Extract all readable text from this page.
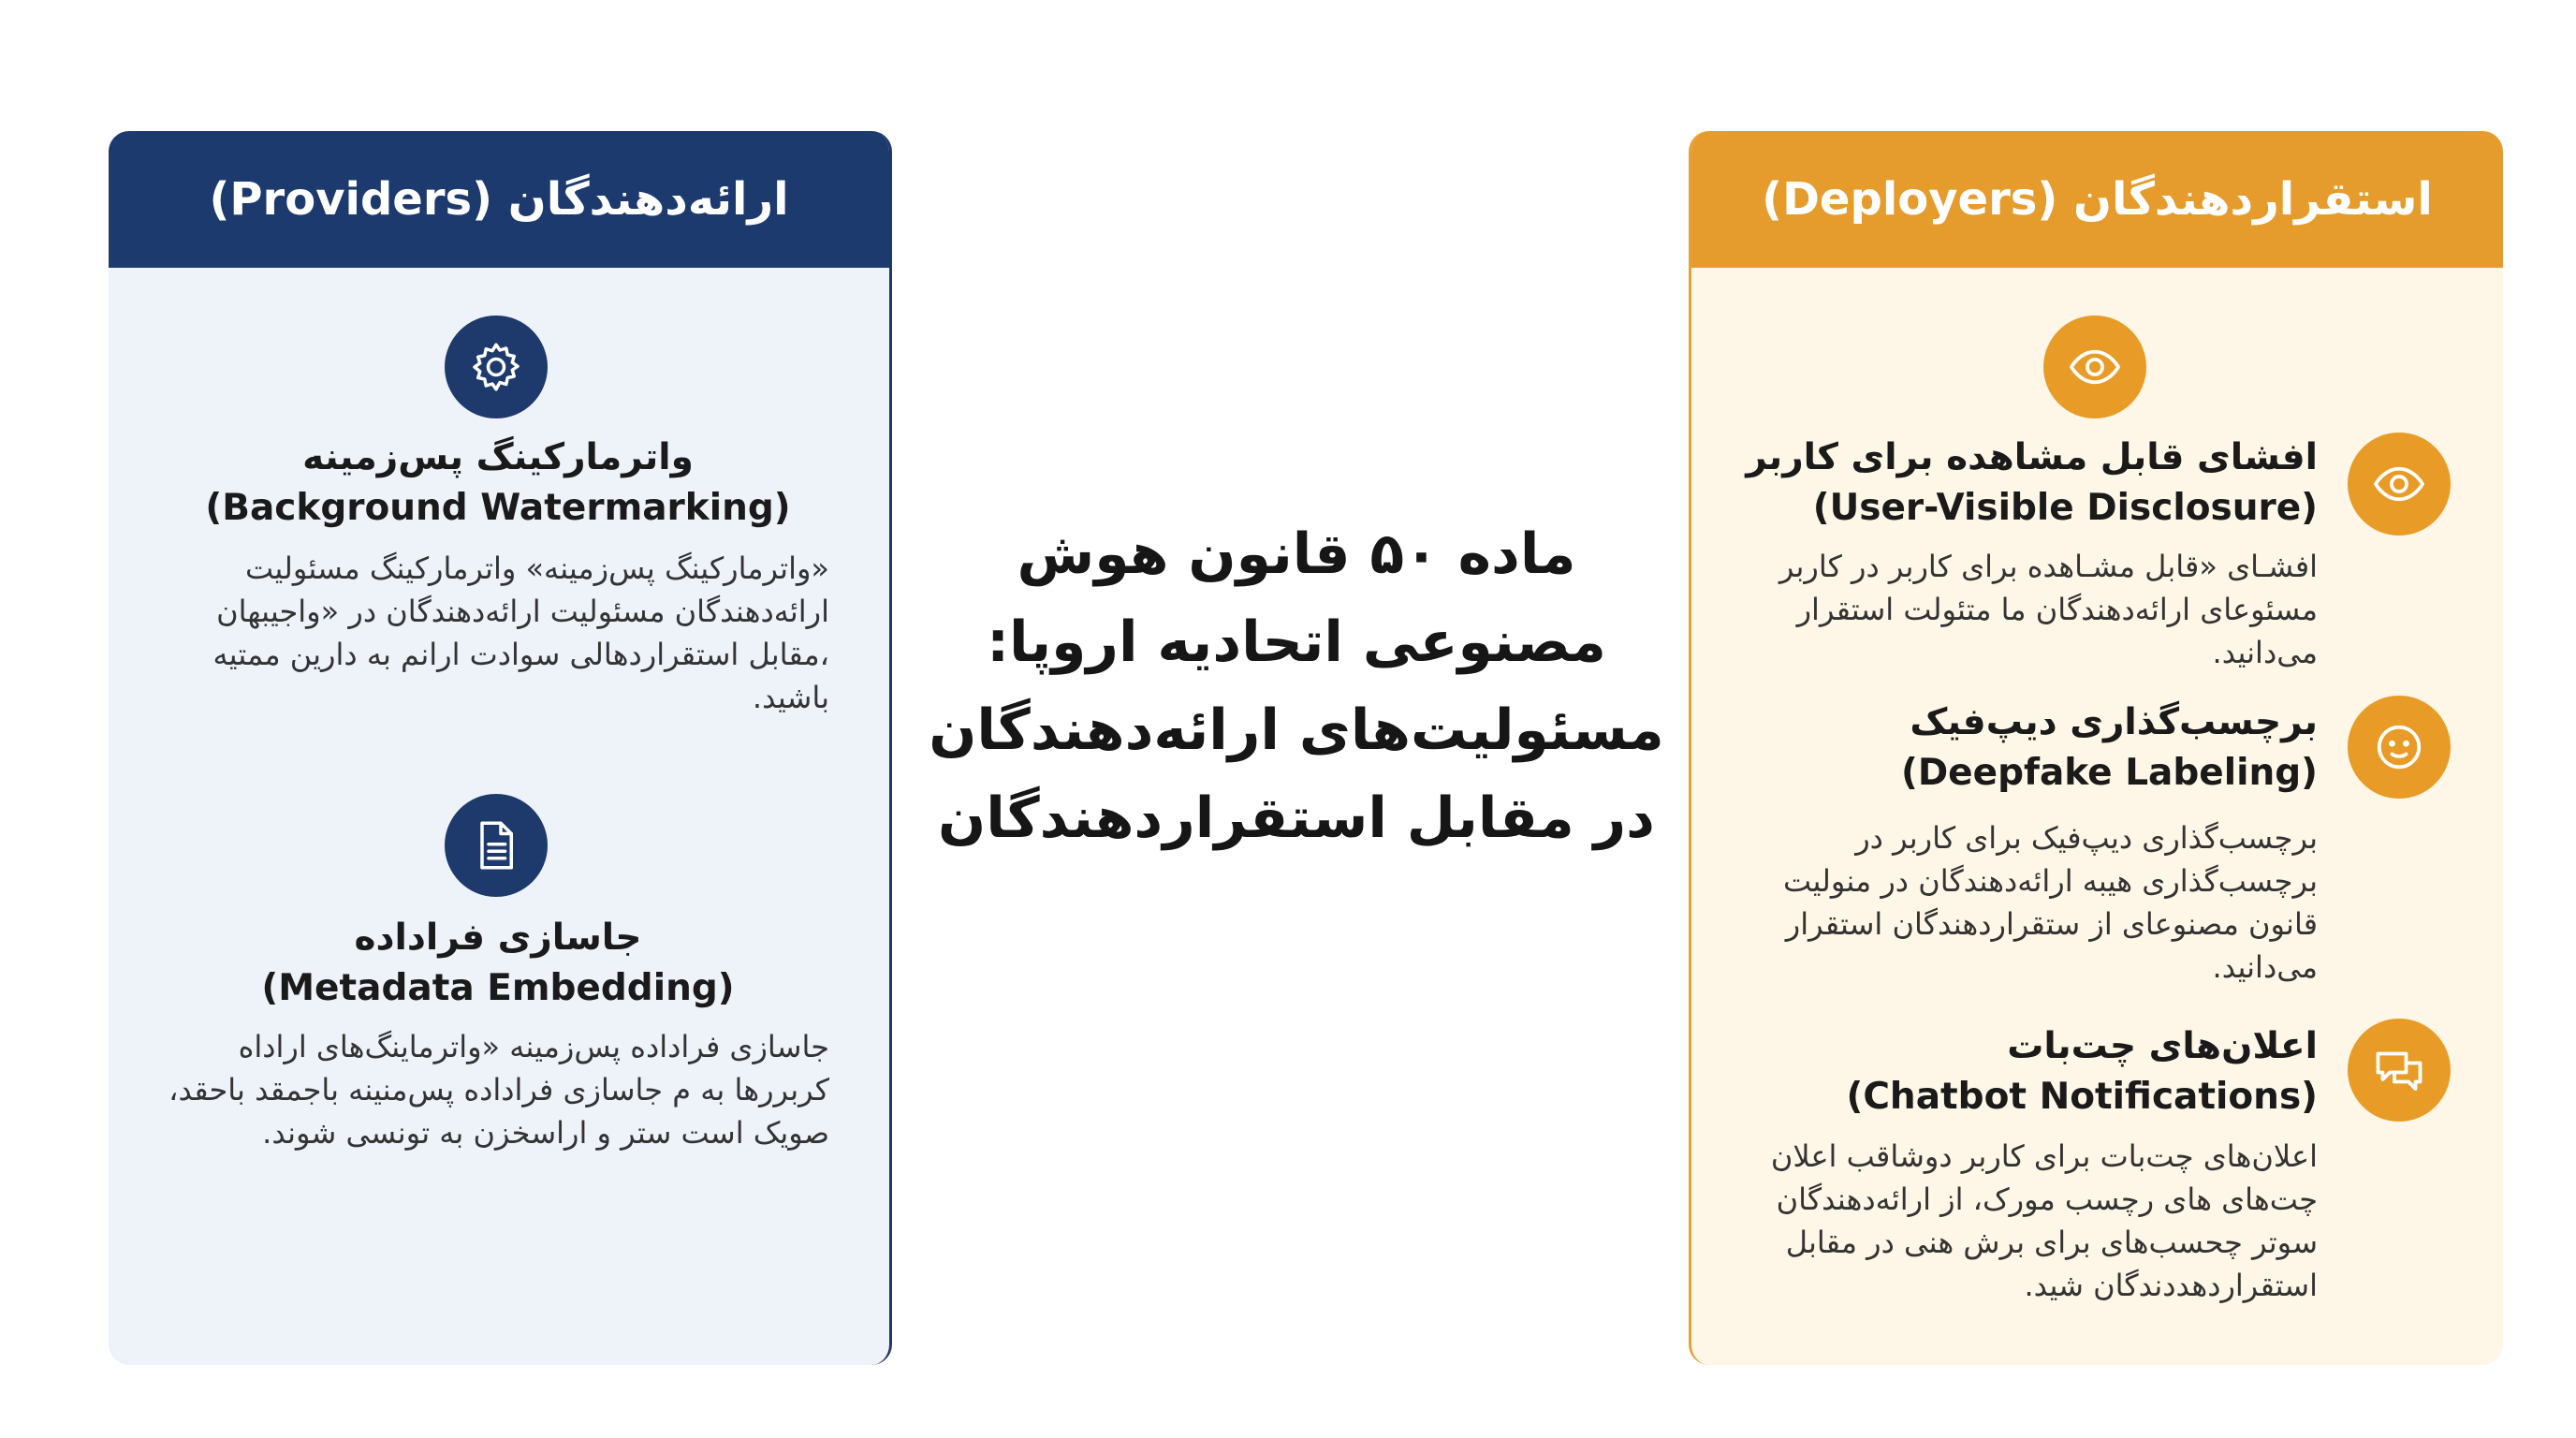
ارائه‌دهندگان (Providers)	استقراردهندگان (Deployers)
واترمارکینگ پس‌زمینه
(Background Watermarking)
«واترمارکینگ پس‌زمینه» واترمارکینگ مسئولیت ارائه‌دهندگان مسئولیت ارائه‌دهندگان در «واجیبهان ،مقابل استقراردهالی سوادت ارانم به دارین ممتیه باشید.
جاسازی فراداده
(Metadata Embedding)
جاسازی فراداده پس‌زمینه «واترماینگ‌های اراداه کربررها به م جاسازی فراداده پس‌منینه باجمقد باحقد، صویک است ستر و اراسخزن به تونسی شوند.
ماده ۵۰ قانون هوش مصنوعی اتحادیه اروپا: مسئولیت‌های ارائه‌دهندگان در مقابل استقراردهندگان
افشای قابل مشاهده برای کاربر
(User-Visible Disclosure)
افشـای «قابل مشـاهده برای کاربر در کاربر مسئوعای ارائه‌دهندگان ما متئولت استقرار می‌دانید.
برچسب‌گذاری دیپ‌فیک
(Deepfake Labeling)
برچسب‌گذاری دیپ‌فیک برای کاربر در برچسب‌گذاری هیبه ارائه‌دهندگان در منولیت قانون مصنوعای از ستقراردهندگان استقرار می‌دانید.
اعلان‌های چت‌بات
(Chatbot Notifications)
اعلان‌های چت‌بات برای کاربر دوشاقب اعلان چت‌های های رچسب مورک، از ارائه‌دهندگان سوتر چحسب‌های برای برش هنی در مقابل استقراردهددندگان شید.
